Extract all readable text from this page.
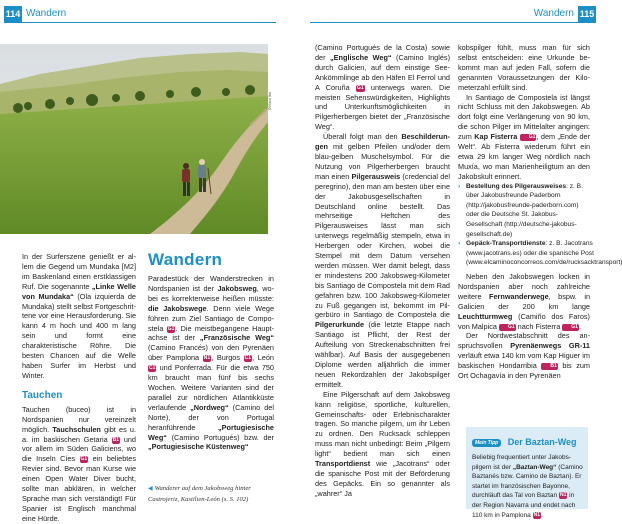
114 Wandern	Wandern 115
096sol lfm

In der Surferszene genießt er allem die Gegend um Mundaka [M2] im Baskenland einen erstklassigen Ruf. Die sogenannte „Linke Welle von Mundaka“ (Ola izquierda de Mundaka) stellt selbst Fortgeschrittene vor eine Herausforderung. Sie kann 4 m hoch und 400 m lang sein und formt eine charakteristische Röhre. Die besten Chancen auf die Welle haben Surfer im Herbst und Winter.

Tauchen

Tauchen (buceo) ist in Nordspanien nur vereinzelt möglich. Tauchschulen gibt es u. a. im baskischen Getaria B1 und vor allem im Süden Galiciens, wo die Inseln Cíes G1 ein beliebtes Revier sind. Bevor man Kurse wie einen Open Water Diver bucht, sollte man abklären, in welcher Sprache man sich verständigt! Für Spanier ist Englisch manchmal eine Hürde.

Wandern

Paradestück der Wanderstrecken in Nordspanien ist der Jakobsweg, wobei es korrekterweise heißen müsste: die Jakobswege. Denn viele Wege führen zum Ziel Santiago de Compostela G1. Die meistbegangene Hauptachse ist der „Französische Weg“ (Camino Francés) von den Pyrenäen über Pamplona N1, Burgos C1, León C1 und Ponferrada. Für die etwa 750 km braucht man fünf bis sechs Wochen. Weitere Varianten sind der parallel zur nördlichen Atlantikküste verlaufende „Nordweg“ (Camino del Norte), der von Portugal heranführende „Portugiesische Weg“ (Camino Portugués) bzw. der „Portugiesische Küstenweg“

◀ Wanderer auf dem Jakobsweg hinter Castrojeriz, Kastilien-León (s. S. 102)

(Camino Portugués de la Costa) sowie der „Englische Weg“ (Camino Inglés) durch Galicien, auf dem einstige See-Ankömmlinge ab den Häfen El Ferrol und A Coruña G1 unterwegs waren. Die meisten Sehenswürdigkeiten, Highlights und Unterkunftsmöglichkeiten in Pilgerherbergen bietet der „Französische Weg“.

Überall folgt man den Beschilderungen mit gelben Pfeilen und/oder dem blau-gelben Muschelsymbol. Für die Nutzung von Pilgerherbergen braucht man einen Pilgerausweis (credencial del peregrino), den man am besten über eine der Jakobusgesellschaften in Deutschland online bestellt. Das mehrseitige Heftchen des Pilgerausweises lässt man sich unterwegs regelmäßig stempeln, etwa in Herbergen oder Kirchen, wobei die Stempel mit dem Datum versehen werden müssen. Wer damit belegt, dass er mindestens 200 Jakobsweg-Kilometer bis Santiago de Compostela mit dem Rad gefahren bzw. 100 Jakobsweg-Kilometer zu Fuß gegangen ist, bekommt im Pilgerbüro in Santiago de Compostela die Pilgerurkunde (die letzte Etappe nach Santiago ist Pflicht, der Rest der Aufteilung von Streckenabschnitten frei wählbar). Auf Basis der ausgegebenen Diplome werden alljährlich die immer neuen Rekordzahlen der Jakobspilger ermittelt.

Eine Pilgerschaft auf dem Jakobsweg kann religiöse, sportliche, kulturellen, Gemeinschafts- oder Erlebnischarakter tragen. So manche pilgern, um ihr Leben zu ordnen. Den Rucksack schleppen muss man nicht unbedingt: Beim „Pilgern light“ bedient man sich einen Transportdienst wie „Jacotrans“ oder die spanische Post mit der Beförderung des Gepäcks. Ein so genannter als „wahrer“ Ja

kobspilger fühlt, muss man für sich selbst entscheiden: eine Urkunde bekommt man auf jeden Fall, sofern die genannten Voraussetzungen der Kilometerzahl erfüllt sind.

In Santiago de Compostela ist längst nicht Schluss mit den Jakobswegen. Ab dort folgt eine Verlängerung von 90 km, die schon Pilger im Mittelalter angingen: zum Kap Fisterra G1, dem „Ende der Welt“. Ab Fisterra wiederum führt ein etwa 29 km langer Weg nördlich nach Muxía, wo man Marienheiligtum an den Jakobskult erinnert.

› Bestellung des Pilgerausweises: z. B. über Jakobusfreunde Paderborn (http://jakobusfreunde-paderborn.com) oder die Deutsche St. Jakobus-Gesellschaft (http://deutsche-jakobus-gesellschaft.de)
› Gepäck-Transportdienste: z. B. Jacotrans (www.jacotrans.es) oder die spanische Post (www.elcaminoconcorreos.com/de/rucksacktransport)

Neben den Jakobswegen locken in Nordspanien aber noch zahlreiche weitere Fernwanderwege, bspw. in Galicien der 200 km lange Leuchtturmweg (Camiño dos Faros) von Malpica G1 nach Fisterra G1.

Der Nordwestabschnitt des anspruchsvollen Pyrenäenwegs GR-11 verläuft etwa 140 km vom Kap Higuer im baskischen Hondarribia B1 bis zum Ort Ochagavía in den Pyrenäen

Mein Tipp Der Baztan-Weg
Beliebig frequentiert unter Jakobspilgern ist der „Baztan-Weg“ (Camino Baztanés bzw. Camino de Baztan). Er startet im französischen Bayonne, durchläuft das Tal von Baztan N1 in der Region Navarra und endet nach 110 km in Pamplona N1.
